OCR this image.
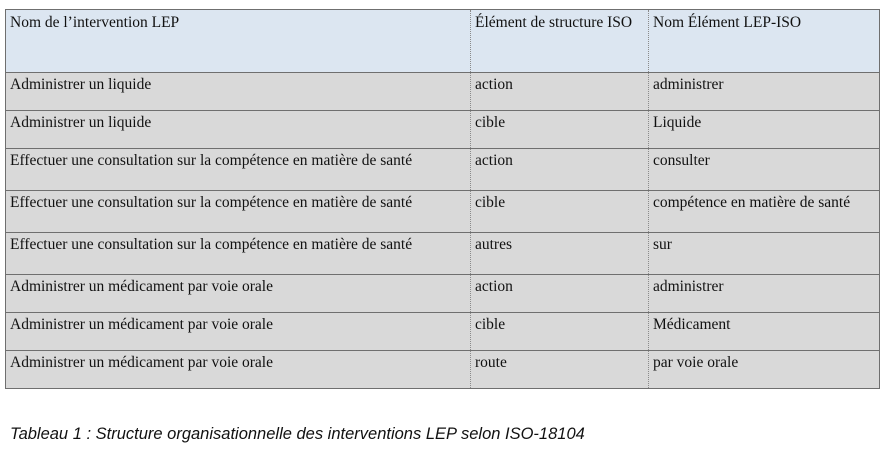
Nom de l’intervention LEP	Élément de structure ISO	Nom Élément LEP-ISO
Administrer un liquide	action	administrer
Administrer un liquide	cible	Liquide
Effectuer une consultation sur la compétence en matière de santé	action	consulter
Effectuer une consultation sur la compétence en matière de santé	cible	compétence en matière de santé
Effectuer une consultation sur la compétence en matière de santé	autres	sur
Administrer un médicament par voie orale	action	administrer
Administrer un médicament par voie orale	cible	Médicament
Administrer un médicament par voie orale	route	par voie orale
Tableau 1 : Structure organisationnelle des interventions LEP selon ISO-18104
